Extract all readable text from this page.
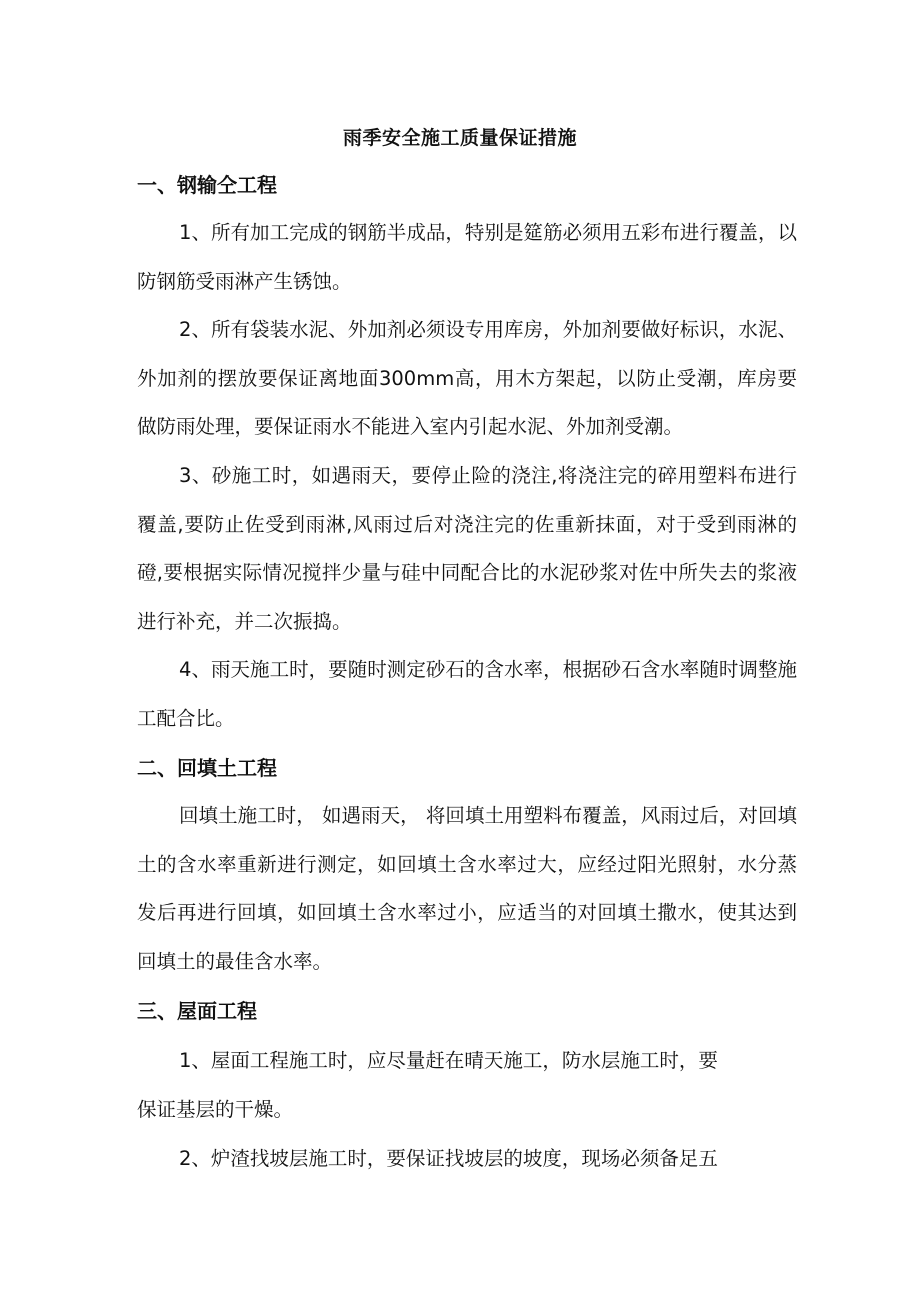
雨季安全施工质量保证措施
一、钢输仝工程

1、所有加工完成的钢筋半成品，特别是筵筋必须用五彩布进行覆盖，以防钢筋受雨淋产生锈蚀。

2、所有袋装水泥、外加剂必须设专用库房，外加剂要做好标识，水泥、外加剂的摆放要保证离地面300mm高，用木方架起，以防止受潮，库房要做防雨处理，要保证雨水不能进入室内引起水泥、外加剂受潮。

3、砂施工时，如遇雨天，要停止险的浇注,将浇注完的碎用塑料布进行覆盖,要防止佐受到雨淋,风雨过后对浇注完的佐重新抹面，对于受到雨淋的磴,要根据实际情况搅拌少量与硅中同配合比的水泥砂浆对佐中所失去的浆液进行补充，并二次振捣。

4、雨天施工时，要随时测定砂石的含水率，根据砂石含水率随时调整施工配合比。

二、回填土工程

回填土施工时， 如遇雨天， 将回填土用塑料布覆盖，风雨过后，对回填土的含水率重新进行测定，如回填土含水率过大，应经过阳光照射，水分蒸发后再进行回填，如回填土含水率过小，应适当的对回填土撒水，使其达到回填土的最佳含水率。

三、屋面工程
1、屋面工程施工时，应尽量赶在晴天施工，防水层施工时，要
保证基层的干燥。
2、炉渣找坡层施工时，要保证找坡层的坡度，现场必须备足五
